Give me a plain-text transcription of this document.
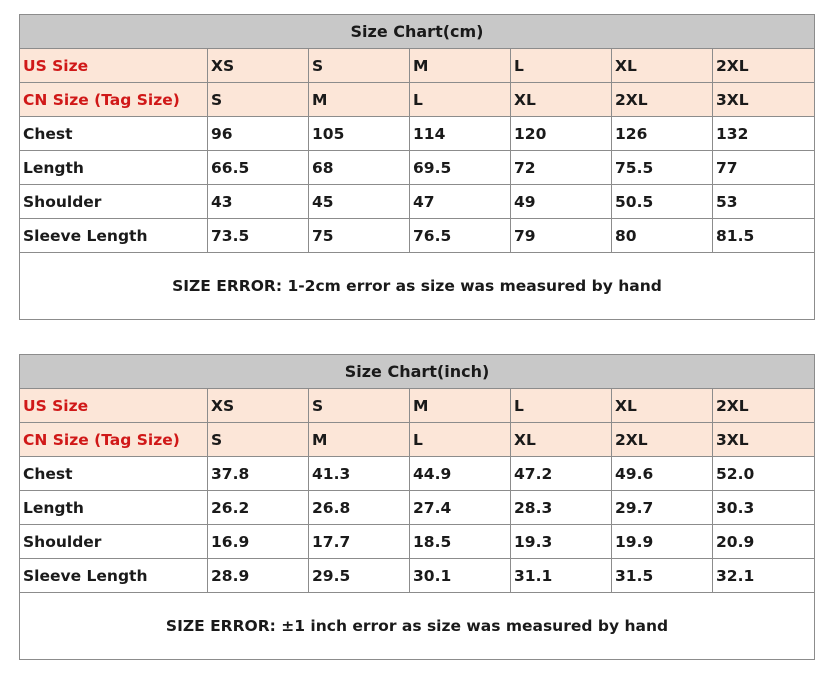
Size Chart(cm)						
US Size	XS	S	M	L	XL	2XL
CN Size (Tag Size)	S	M	L	XL	2XL	3XL
Chest	96	105	114	120	126	132
Length	66.5	68	69.5	72	75.5	77
Shoulder	43	45	47	49	50.5	53
Sleeve Length	73.5	75	76.5	79	80	81.5
SIZE ERROR: 1-2cm error as size was measured by hand						
Size Chart(inch)						
US Size	XS	S	M	L	XL	2XL
CN Size (Tag Size)	S	M	L	XL	2XL	3XL
Chest	37.8	41.3	44.9	47.2	49.6	52.0
Length	26.2	26.8	27.4	28.3	29.7	30.3
Shoulder	16.9	17.7	18.5	19.3	19.9	20.9
Sleeve Length	28.9	29.5	30.1	31.1	31.5	32.1
SIZE ERROR: ±1 inch error as size was measured by hand						
